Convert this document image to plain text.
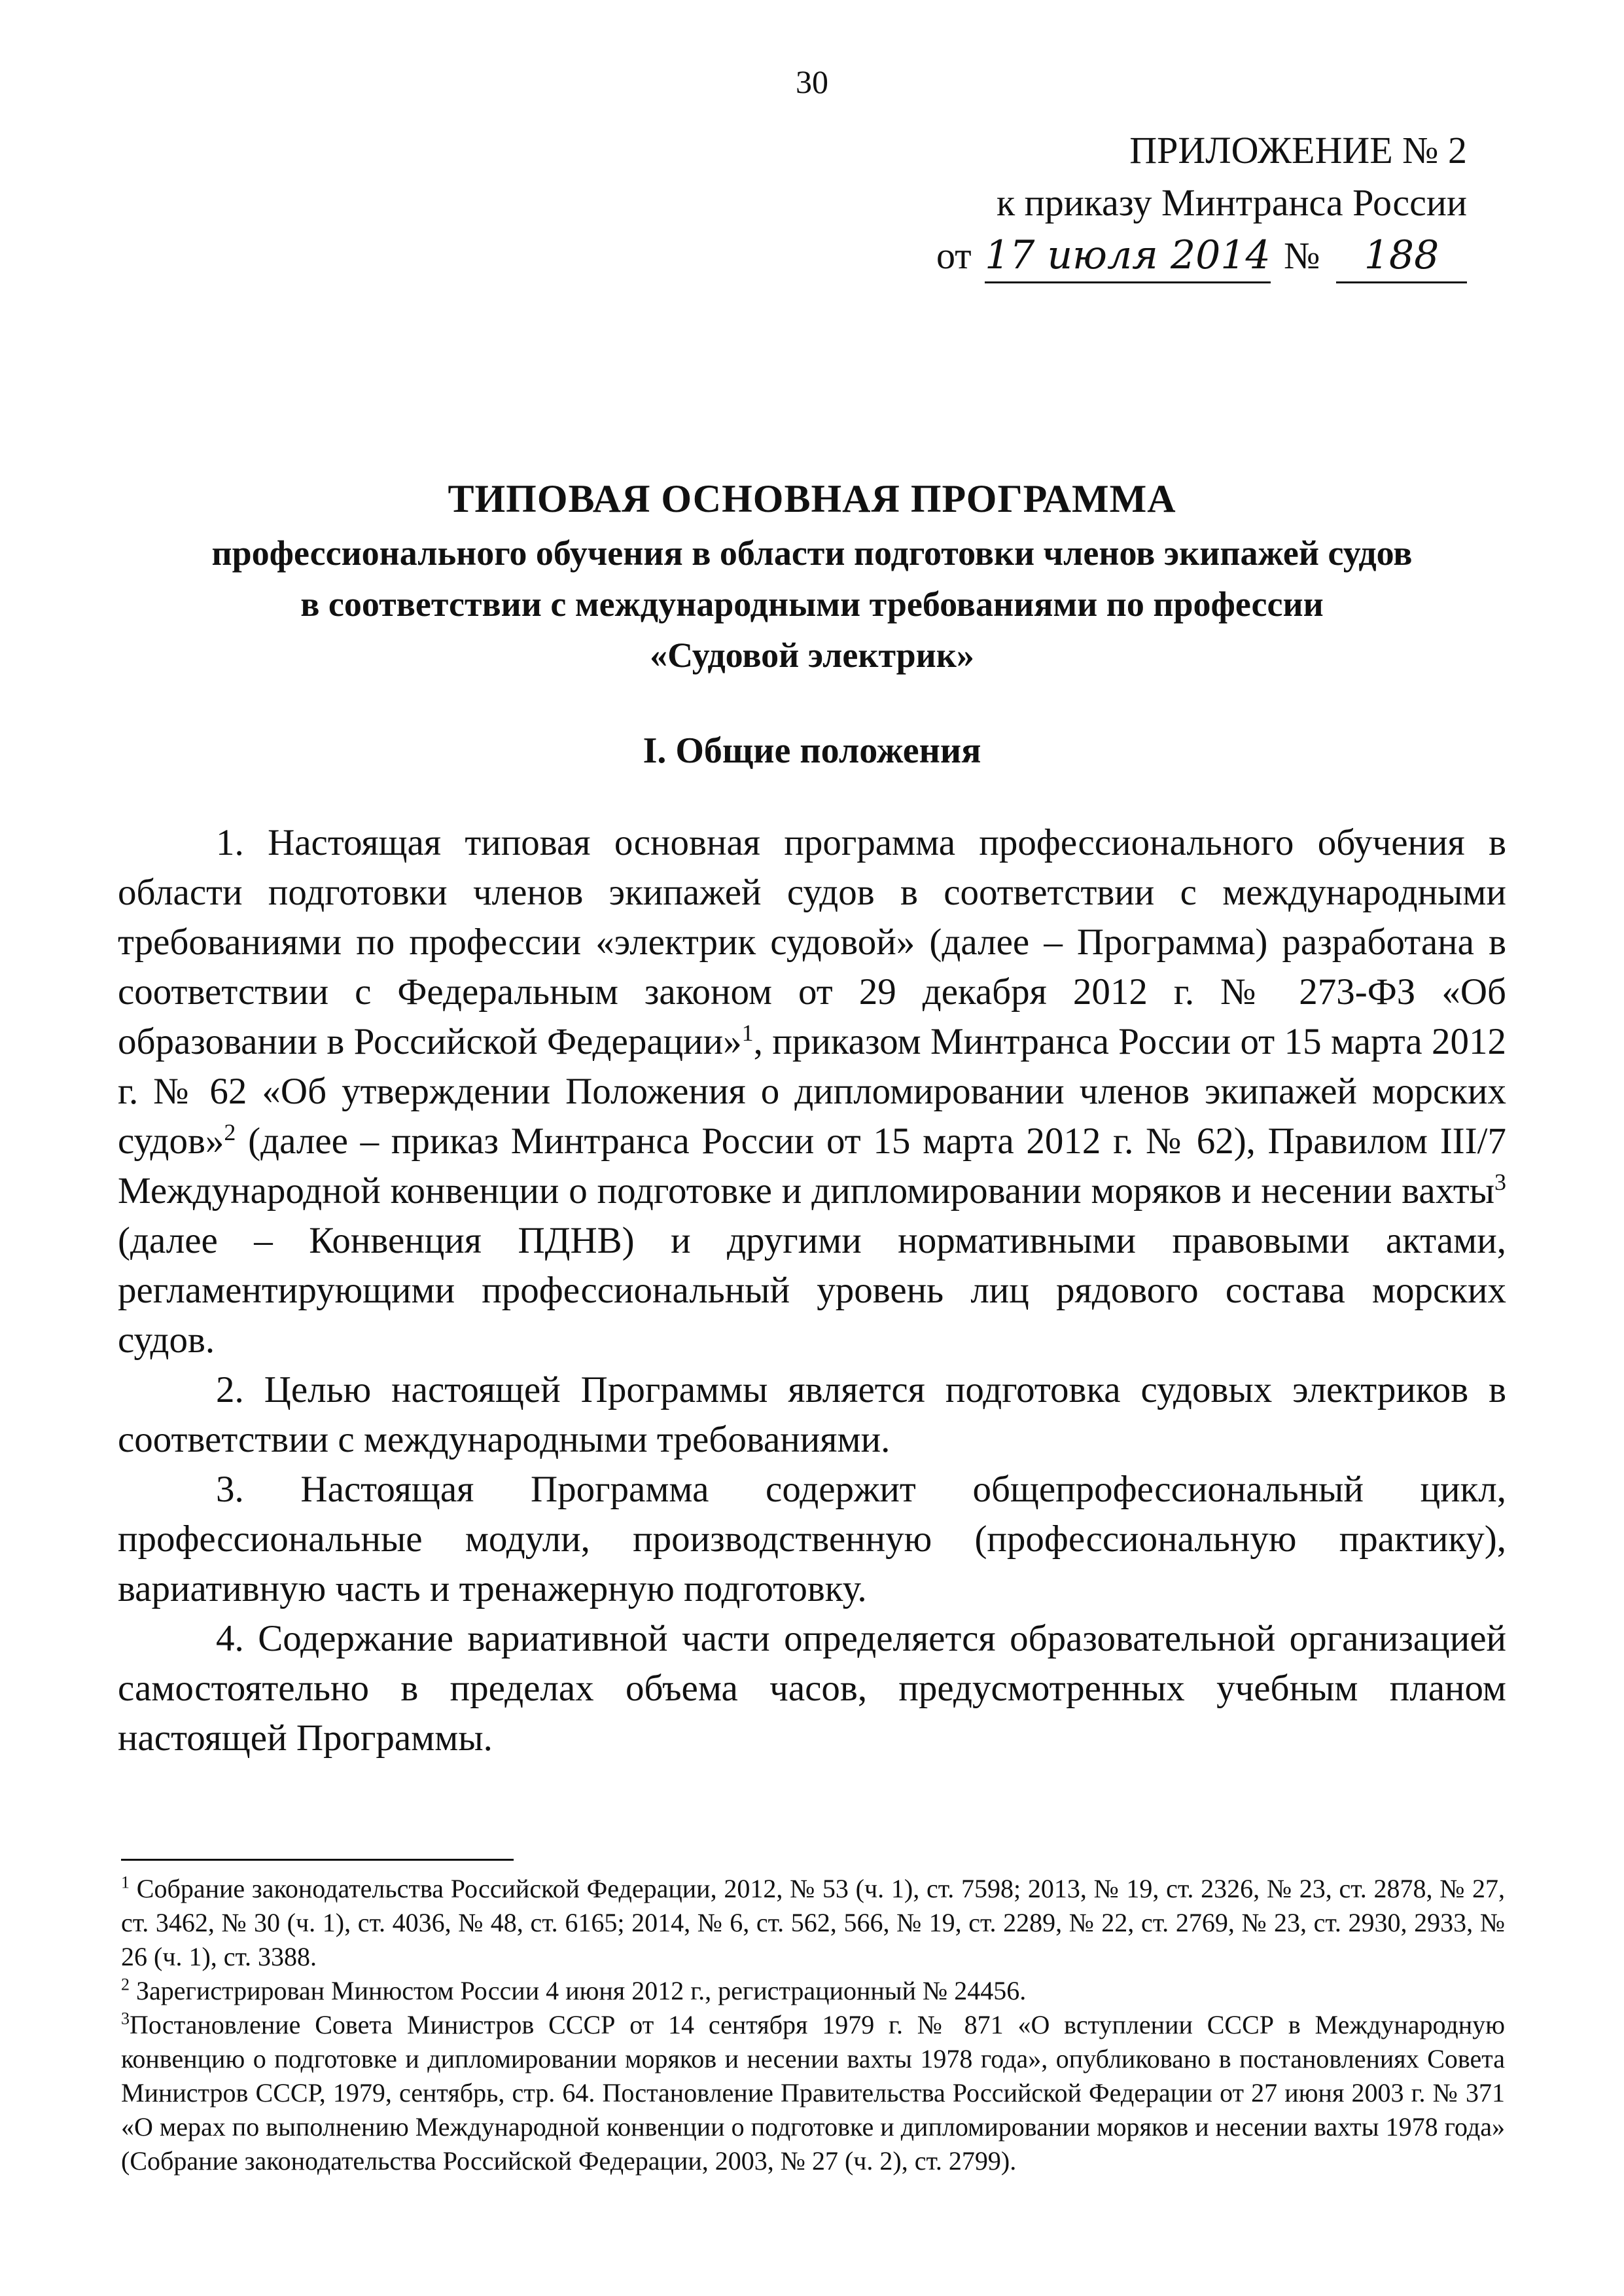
30
ПРИЛОЖЕНИЕ № 2
к приказу Минтранса России
от 17 июля 2014 № 188
ТИПОВАЯ ОСНОВНАЯ ПРОГРАММА
профессионального обучения в области подготовки членов экипажей судов
в соответствии с международными требованиями по профессии
«Судовой электрик»
I. Общие положения

1. Настоящая типовая основная программа профессионального обучения в области подготовки членов экипажей судов в соответствии с международными требованиями по профессии «электрик судовой» (далее – Программа) разработана в соответствии с Федеральным законом от 29 декабря 2012 г. № 273-ФЗ «Об образовании в Российской Федерации»$^1$, приказом Минтранса России от 15 марта 2012 г. № 62 «Об утверждении Положения о дипломировании членов экипажей морских судов»$^2$ (далее – приказ Минтранса России от 15 марта 2012 г. № 62), Правилом III/7 Международной конвенции о подготовке и дипломировании моряков и несении вахты$^3$ (далее – Конвенция ПДНВ) и другими нормативными правовыми актами, регламентирующими профессиональный уровень лиц рядового состава морских судов.

2. Целью настоящей Программы является подготовка судовых электриков в соответствии с международными требованиями.

3. Настоящая Программа содержит общепрофессиональный цикл, профессиональные модули, производственную (профессиональную практику), вариативную часть и тренажерную подготовку.

4. Содержание вариативной части определяется образовательной организацией самостоятельно в пределах объема часов, предусмотренных учебным планом настоящей Программы.

$^1$ Собрание законодательства Российской Федерации, 2012, № 53 (ч. 1), ст. 7598; 2013, № 19, ст. 2326, № 23, ст. 2878, № 27, ст. 3462, № 30 (ч. 1), ст. 4036, № 48, ст. 6165; 2014, № 6, ст. 562, 566, № 19, ст. 2289, № 22, ст. 2769, № 23, ст. 2930, 2933, № 26 (ч. 1), ст. 3388.

$^2$ Зарегистрирован Минюстом России 4 июня 2012 г., регистрационный № 24456.

$^3$Постановление Совета Министров СССР от 14 сентября 1979 г. № 871 «О вступлении СССР в Международную конвенцию о подготовке и дипломировании моряков и несении вахты 1978 года», опубликовано в постановлениях Совета Министров СССР, 1979, сентябрь, стр. 64. Постановление Правительства Российской Федерации от 27 июня 2003 г. № 371 «О мерах по выполнению Международной конвенции о подготовке и дипломировании моряков и несении вахты 1978 года» (Собрание законодательства Российской Федерации, 2003, № 27 (ч. 2), ст. 2799).
